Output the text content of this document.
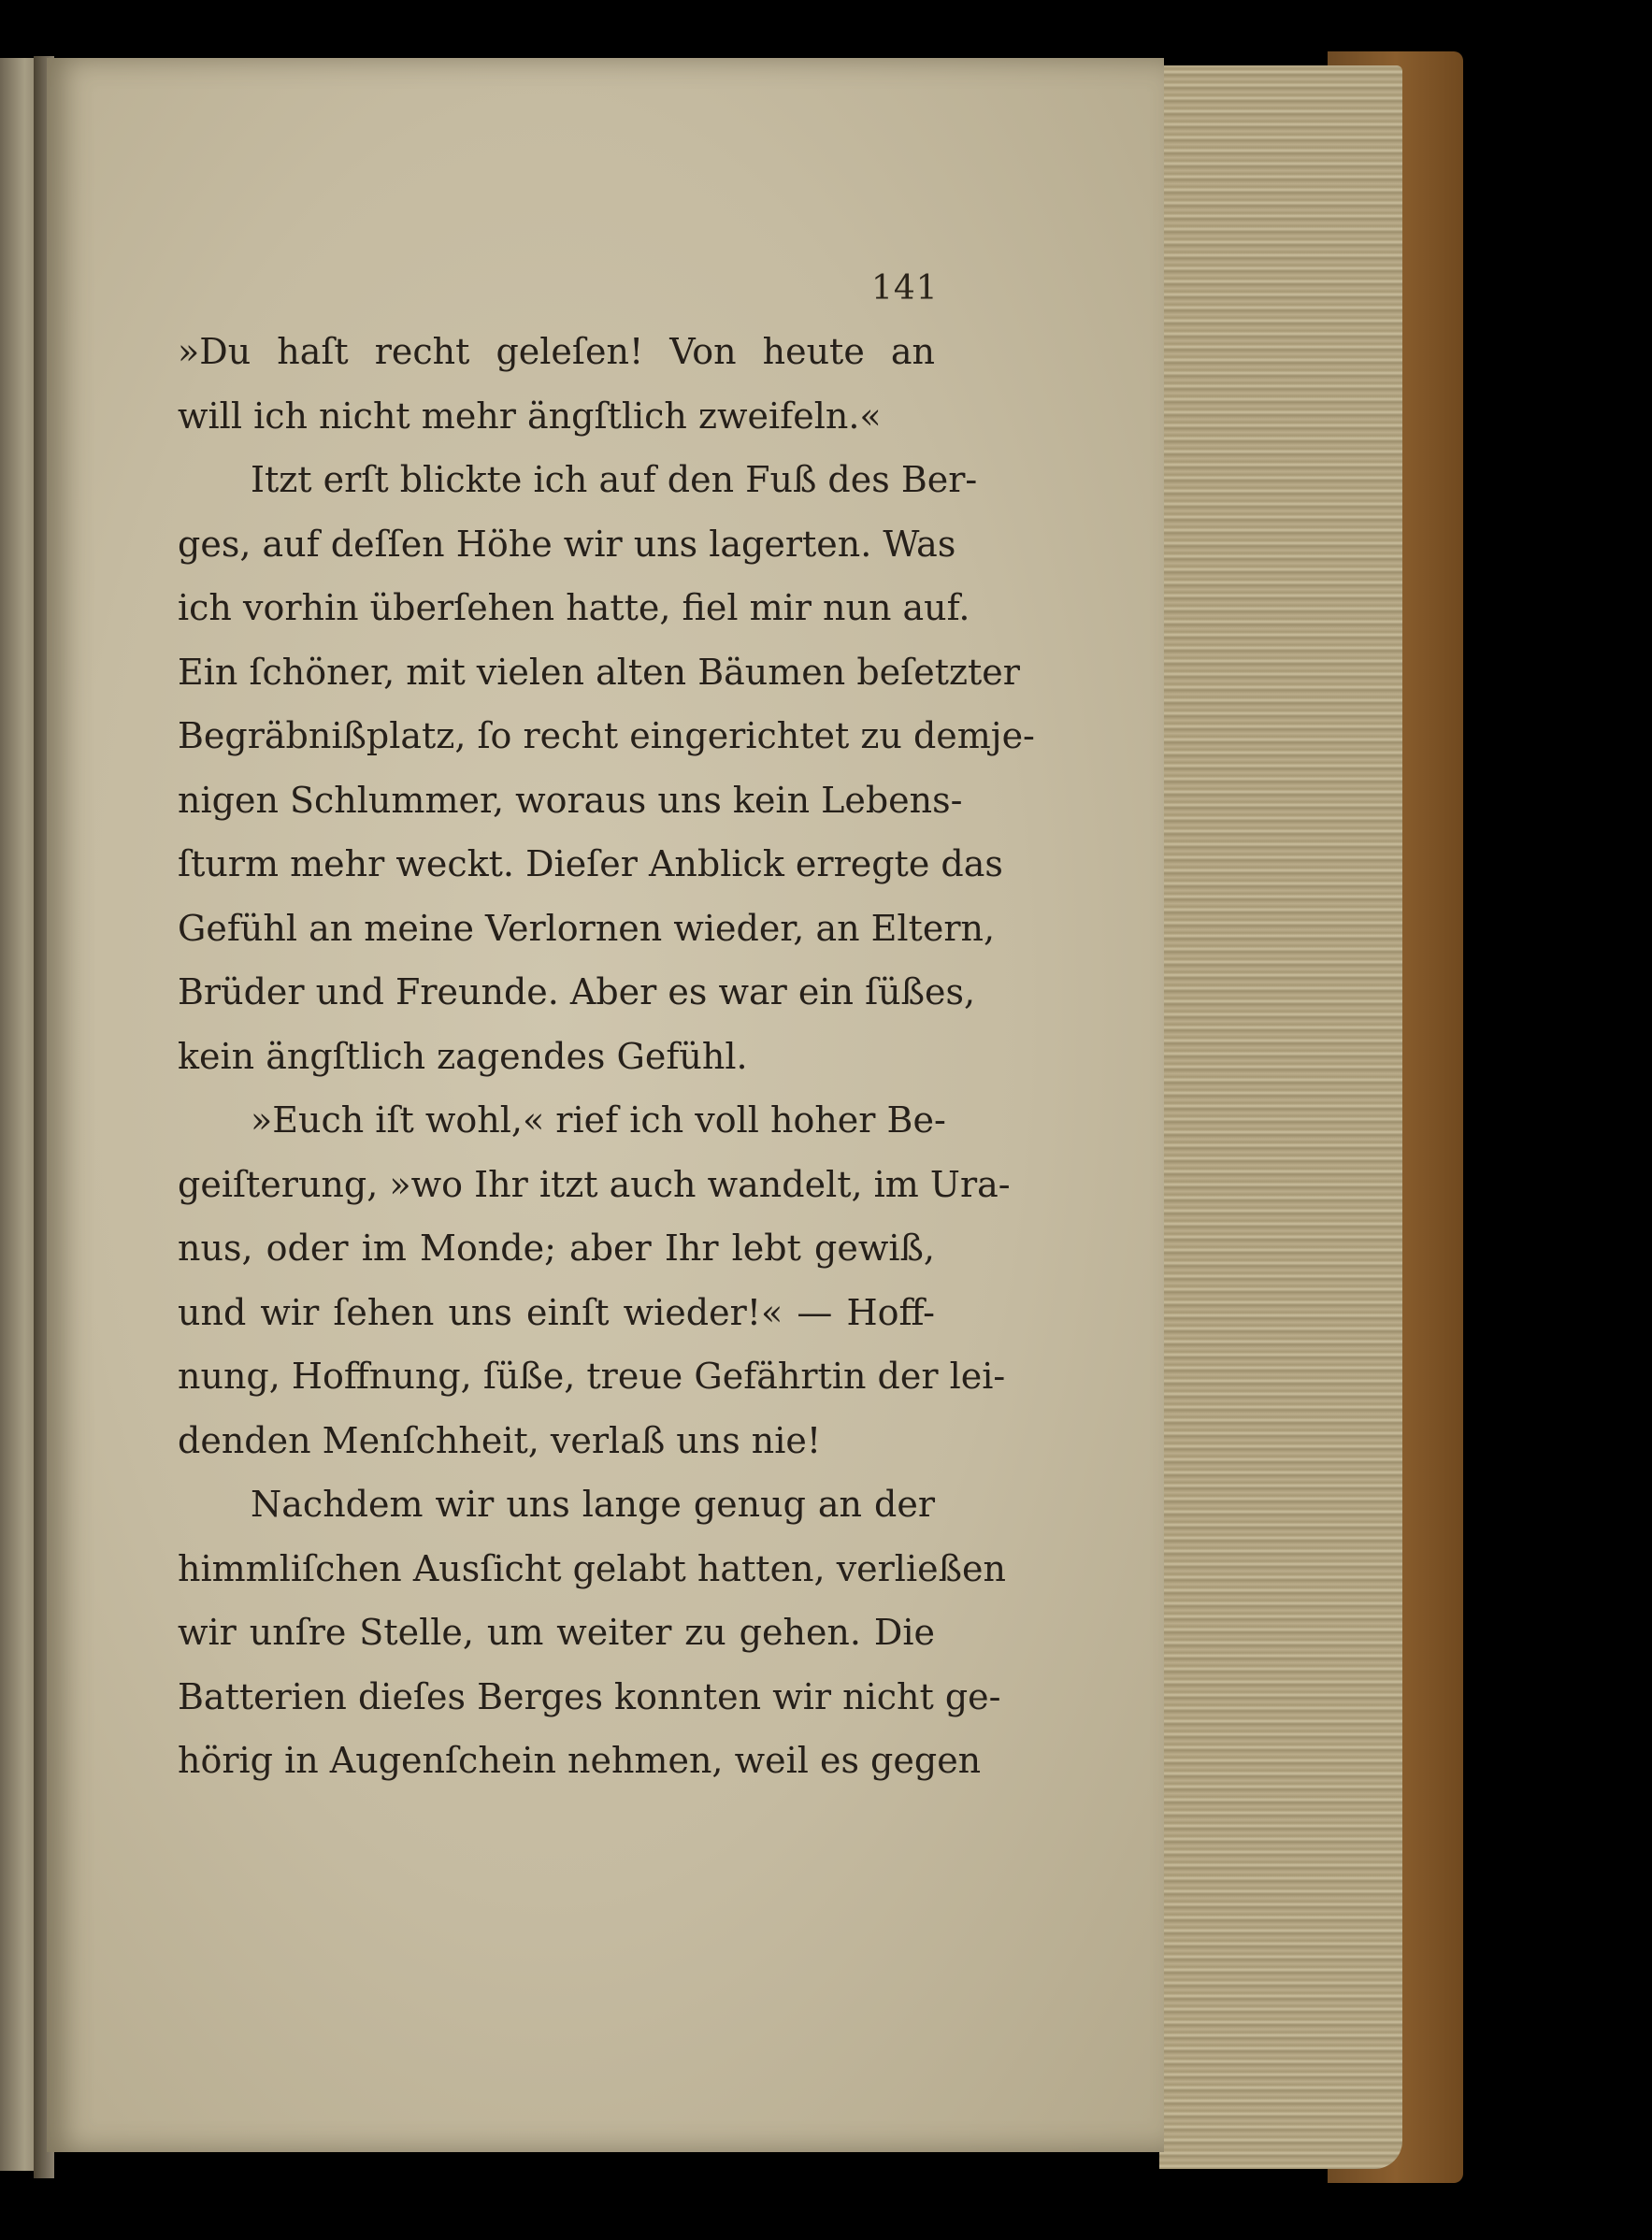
141
»Du haſt recht geleſen! Von heute an
will ich nicht mehr ängſtlich zweifeln.«
Itzt erſt blickte ich auf den Fuß des Ber-
ges, auf deſſen Höhe wir uns lagerten. Was
ich vorhin überſehen hatte, fiel mir nun auf.
Ein ſchöner, mit vielen alten Bäumen beſetzter
Begräbnißplatz, ſo recht eingerichtet zu demje-
nigen Schlummer, woraus uns kein Lebens-
ſturm mehr weckt. Dieſer Anblick erregte das
Gefühl an meine Verlornen wieder, an Eltern,
Brüder und Freunde. Aber es war ein ſüßes,
kein ängſtlich zagendes Gefühl.
»Euch iſt wohl,« rief ich voll hoher Be-
geiſterung, »wo Ihr itzt auch wandelt, im Ura-
nus, oder im Monde; aber Ihr lebt gewiß,
und wir ſehen uns einſt wieder!« — Hoff-
nung, Hoffnung, ſüße, treue Gefährtin der lei-
denden Menſchheit, verlaß uns nie!
Nachdem wir uns lange genug an der
himmliſchen Ausſicht gelabt hatten, verließen
wir unſre Stelle, um weiter zu gehen. Die
Batterien dieſes Berges konnten wir nicht ge-
hörig in Augenſchein nehmen, weil es gegen
